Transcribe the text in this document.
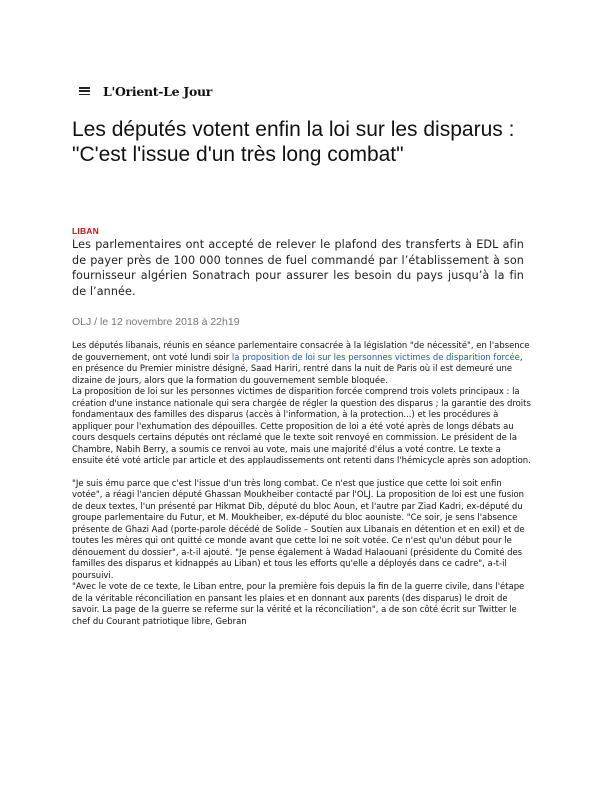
L'Orient-Le Jour
Les députés votent enfin la loi sur les disparus : "C'est l'issue d'un très long combat"
LIBAN

Les parlementaires ont accepté de relever le plafond des transferts à EDL afin de payer près de 100 000 tonnes de fuel commandé par l’établissement à son fournisseur algérien Sonatrach pour assurer les besoin du pays jusqu’à la fin de l’année.

OLJ / le 12 novembre 2018 à 22h19

Les députés libanais, réunis en séance parlementaire consacrée à la législation "de nécessité", en l'absence de gouvernement, ont voté lundi soir la proposition de loi sur les personnes victimes de disparition forcée, en présence du Premier ministre désigné, Saad Hariri, rentré dans la nuit de Paris où il est demeuré une dizaine de jours, alors que la formation du gouvernement semble bloquée.

La proposition de loi sur les personnes victimes de disparition forcée comprend trois volets principaux : la création d'une instance nationale qui sera chargée de régler la question des disparus ; la garantie des droits fondamentaux des familles des disparus (accès à l'information, à la protection...) et les procédures à appliquer pour l'exhumation des dépouilles. Cette proposition de loi a été voté après de longs débats au cours desquels certains députés ont réclamé que le texte soit renvoyé en commission. Le président de la Chambre, Nabih Berry, a soumis ce renvoi au vote, mais une majorité d'élus a voté contre. Le texte a ensuite été voté article par article et des applaudissements ont retenti dans l'hémicycle après son adoption.

"Je suis ému parce que c'est l'issue d'un très long combat. Ce n'est que justice que cette loi soit enfin votée", a réagi l'ancien député Ghassan Moukheiber contacté par l'OLJ. La proposition de loi est une fusion de deux textes, l'un présenté par Hikmat Dib, député du bloc Aoun, et l'autre par Ziad Kadri, ex-député du groupe parlementaire du Futur, et M. Moukheiber, ex-député du bloc aouniste. "Ce soir, je sens l'absence présente de Ghazi Aad (porte-parole décédé de Solide – Soutien aux Libanais en détention et en exil) et de toutes les mères qui ont quitté ce monde avant que cette loi ne soit votée. Ce n'est qu'un début pour le dénouement du dossier", a-t-il ajouté. "Je pense également à Wadad Halaouani (présidente du Comité des familles des disparus et kidnappés au Liban) et tous les efforts qu'elle a déployés dans ce cadre", a-t-il poursuivi.

"Avec le vote de ce texte, le Liban entre, pour la première fois depuis la fin de la guerre civile, dans l'étape de la véritable réconciliation en pansant les plaies et en donnant aux parents (des disparus) le droit de savoir. La page de la guerre se referme sur la vérité et la réconciliation", a de son côté écrit sur Twitter le chef du Courant patriotique libre, Gebran
